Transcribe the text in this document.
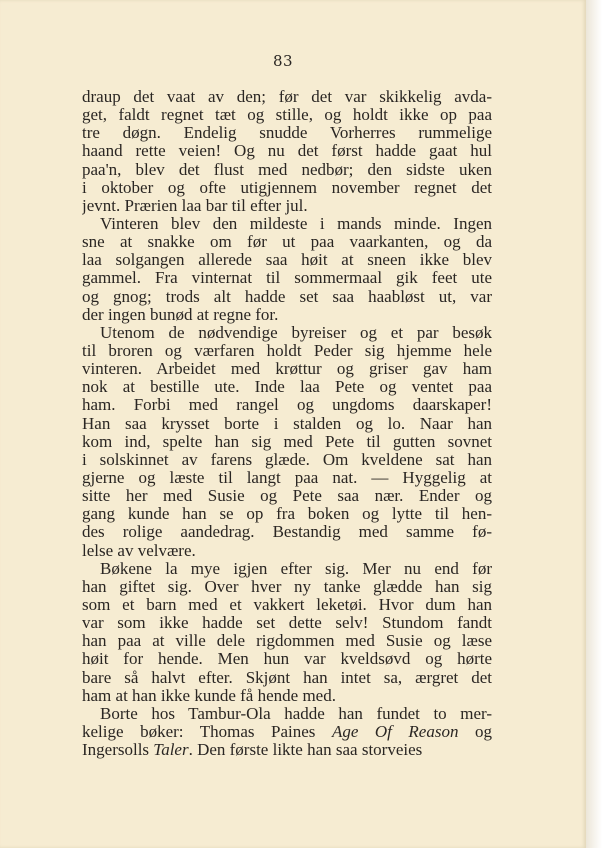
83
draup det vaat av den; før det var skikkelig avda-
get, faldt regnet tæt og stille, og holdt ikke op paa
tre døgn. Endelig snudde Vorherres rummelige
haand rette veien! Og nu det først hadde gaat hul
paa'n, blev det flust med nedbør; den sidste uken
i oktober og ofte utigjennem november regnet det
jevnt. Prærien laa bar til efter jul.
Vinteren blev den mildeste i mands minde. Ingen
sne at snakke om før ut paa vaarkanten, og da
laa solgangen allerede saa høit at sneen ikke blev
gammel. Fra vinternat til sommermaal gik feet ute
og gnog; trods alt hadde set saa haabløst ut, var
der ingen bunød at regne for.
Utenom de nødvendige byreiser og et par besøk
til broren og værfaren holdt Peder sig hjemme hele
vinteren. Arbeidet med krøttur og griser gav ham
nok at bestille ute. Inde laa Pete og ventet paa
ham. Forbi med rangel og ungdoms daarskaper!
Han saa krysset borte i stalden og lo. Naar han
kom ind, spelte han sig med Pete til gutten sovnet
i solskinnet av farens glæde. Om kveldene sat han
gjerne og læste til langt paa nat. — Hyggelig at
sitte her med Susie og Pete saa nær. Ender og
gang kunde han se op fra boken og lytte til hen-
des rolige aandedrag. Bestandig med samme fø-
lelse av velvære.
Bøkene la mye igjen efter sig. Mer nu end før
han giftet sig. Over hver ny tanke glædde han sig
som et barn med et vakkert leketøi. Hvor dum han
var som ikke hadde set dette selv! Stundom fandt
han paa at ville dele rigdommen med Susie og læse
høit for hende. Men hun var kveldsøvd og hørte
bare så halvt efter. Skjønt han intet sa, ærgret det
ham at han ikke kunde få hende med.
Borte hos Tambur-Ola hadde han fundet to mer-
kelige bøker: Thomas Paines Age Of Reason og
Ingersolls Taler. Den første likte han saa storveies
